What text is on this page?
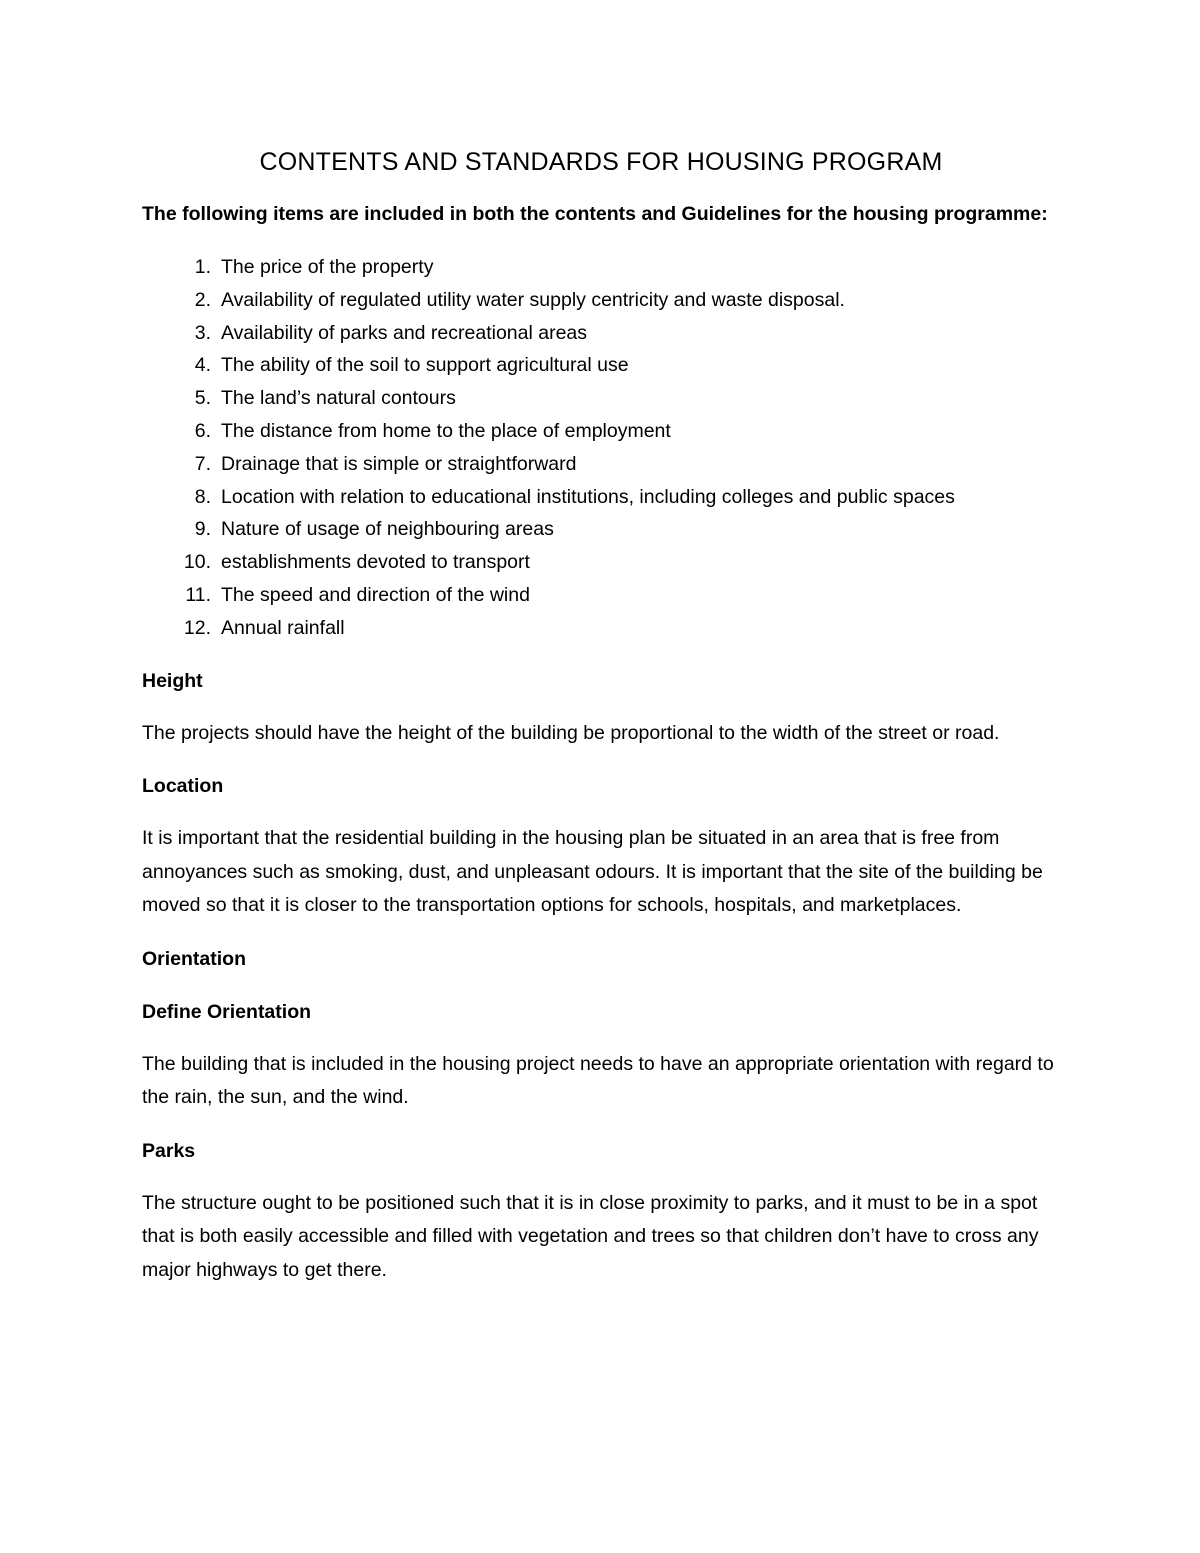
CONTENTS AND STANDARDS FOR HOUSING PROGRAM

The following items are included in both the contents and Guidelines for the housing programme:

1. The price of the property
2. Availability of regulated utility water supply centricity and waste disposal.
3. Availability of parks and recreational areas
4. The ability of the soil to support agricultural use
5. The land’s natural contours
6. The distance from home to the place of employment
7. Drainage that is simple or straightforward
8. Location with relation to educational institutions, including colleges and public spaces
9. Nature of usage of neighbouring areas
10. establishments devoted to transport
11. The speed and direction of the wind
12. Annual rainfall

Height

The projects should have the height of the building be proportional to the width of the street or road.

Location

It is important that the residential building in the housing plan be situated in an area that is free from annoyances such as smoking, dust, and unpleasant odours. It is important that the site of the building be moved so that it is closer to the transportation options for schools, hospitals, and marketplaces.

Orientation

Define Orientation

The building that is included in the housing project needs to have an appropriate orientation with regard to the rain, the sun, and the wind.

Parks

The structure ought to be positioned such that it is in close proximity to parks, and it must to be in a spot that is both easily accessible and filled with vegetation and trees so that children don’t have to cross any major highways to get there.
